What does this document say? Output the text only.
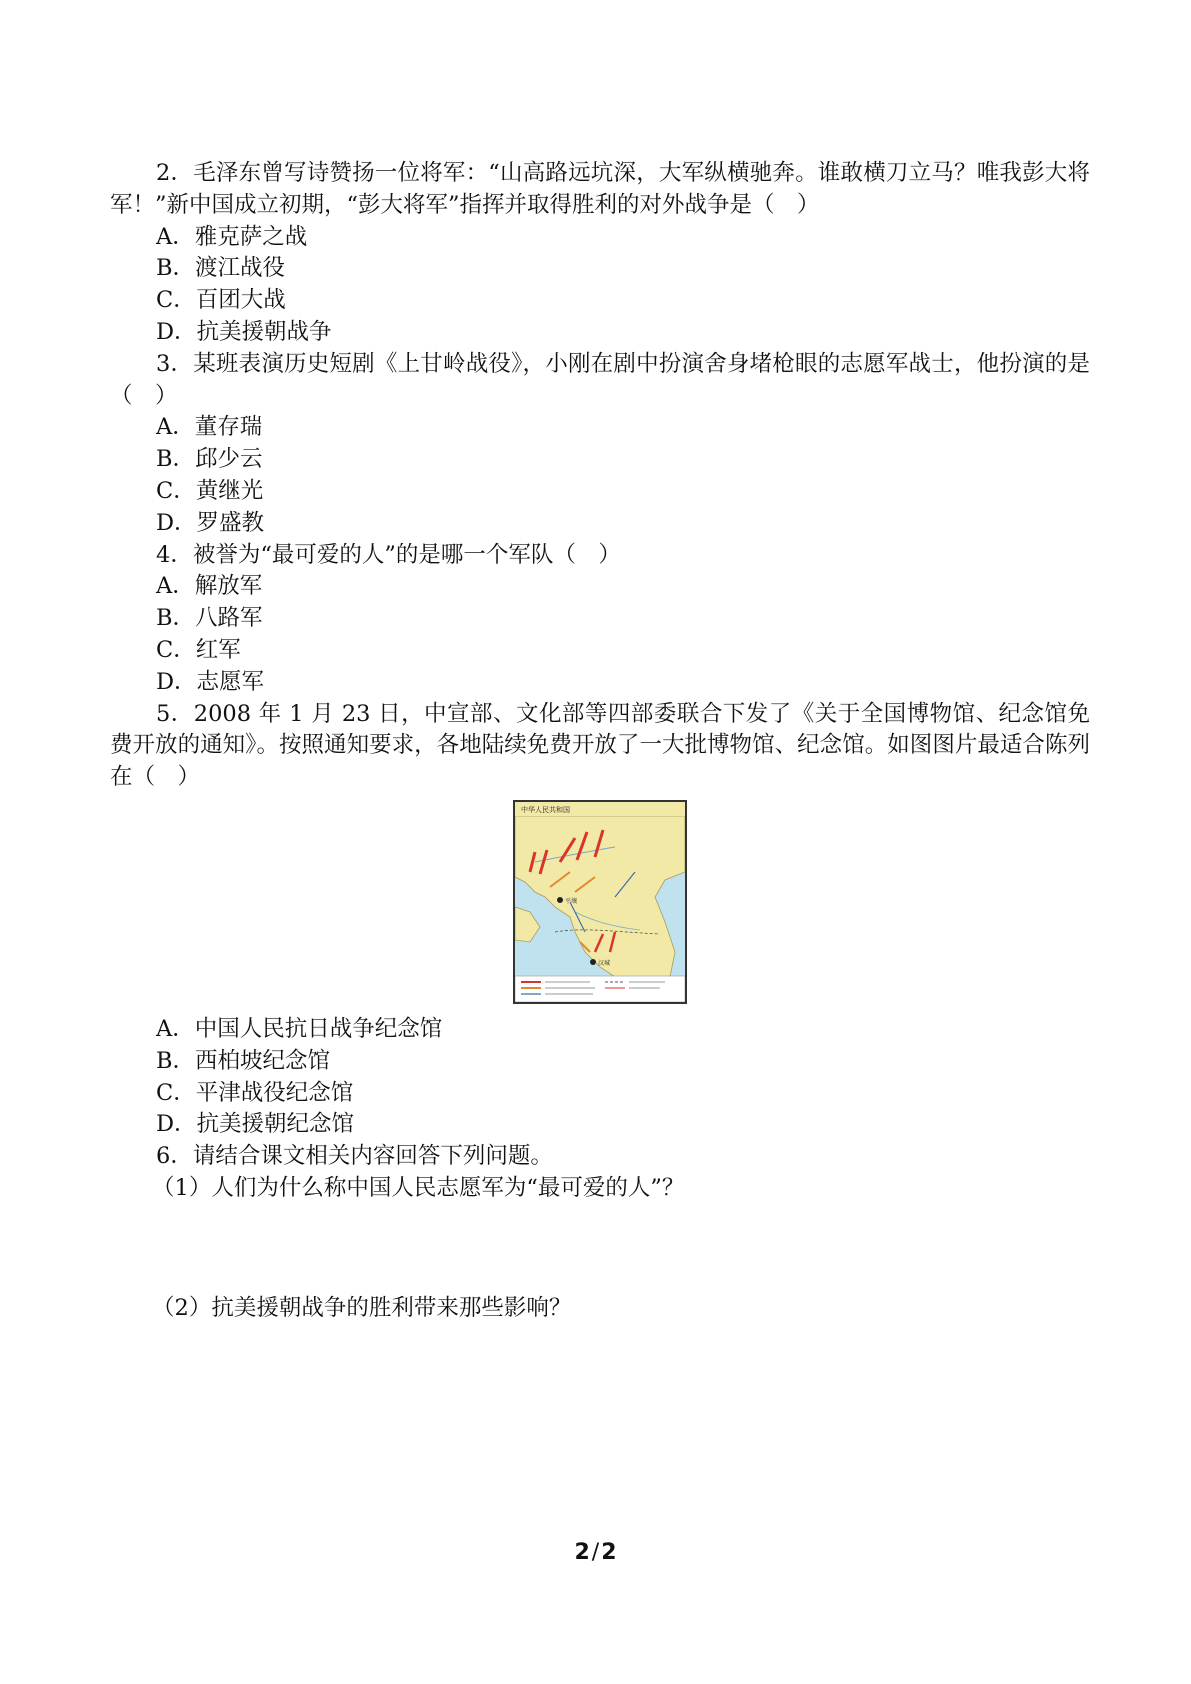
2．毛泽东曾写诗赞扬一位将军：“山高路远坑深，大军纵横驰奔。谁敢横刀立马？唯我彭大将军！”新中国成立初期，“彭大将军”指挥并取得胜利的对外战争是（　）

A．雅克萨之战

B．渡江战役

C．百团大战

D．抗美援朝战争

3．某班表演历史短剧《上甘岭战役》，小刚在剧中扮演舍身堵枪眼的志愿军战士，他扮演的是（　）

A．董存瑞

B．邱少云

C．黄继光

D．罗盛教

4．被誉为“最可爱的人”的是哪一个军队（　）

A．解放军

B．八路军

C．红军

D．志愿军

5．2008 年 1 月 23 日，中宣部、文化部等四部委联合下发了《关于全国博物馆、纪念馆免费开放的通知》。按照通知要求，各地陆续免费开放了一大批博物馆、纪念馆。如图图片最适合陈列在（　）

中华人民共和国
平壤
汉城

A．中国人民抗日战争纪念馆

B．西柏坡纪念馆

C．平津战役纪念馆

D．抗美援朝纪念馆

6．请结合课文相关内容回答下列问题。

（1）人们为什么称中国人民志愿军为“最可爱的人”？

（2）抗美援朝战争的胜利带来那些影响？

2/2
